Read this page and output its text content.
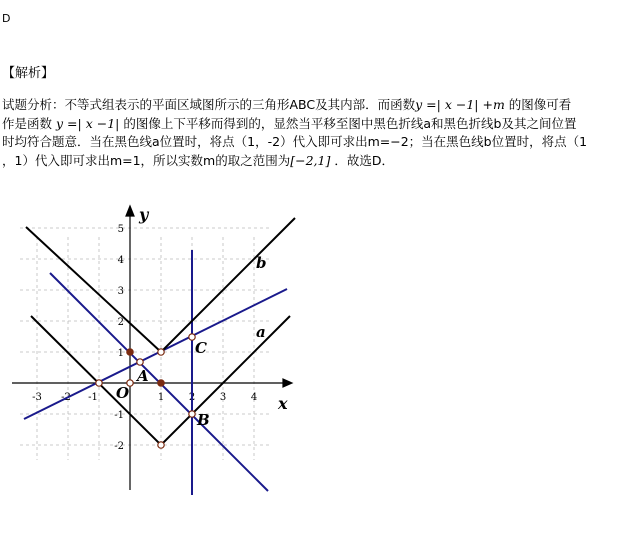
D
【解析】
试题分析：不等式组表示的平面区域图所示的三角形ABC及其内部．而函数y =| x −1| +m 的图像可看
作是函数 y =| x −1| 的图像上下平移而得到的，显然当平移至图中黑色折线a和黑色折线b及其之间位置
时均符合题意．当在黑色线a位置时，将点（1，-2）代入即可求出m=−2；当在黑色线b位置时，将点（1
，1）代入即可求出m=1，所以实数m的取之范围为[−2,1] ．故选D．
-3 -2 -1	1 2 3 4
5
4
3
2
1
-1
-2
y
x
O
A
B
C
a
b
